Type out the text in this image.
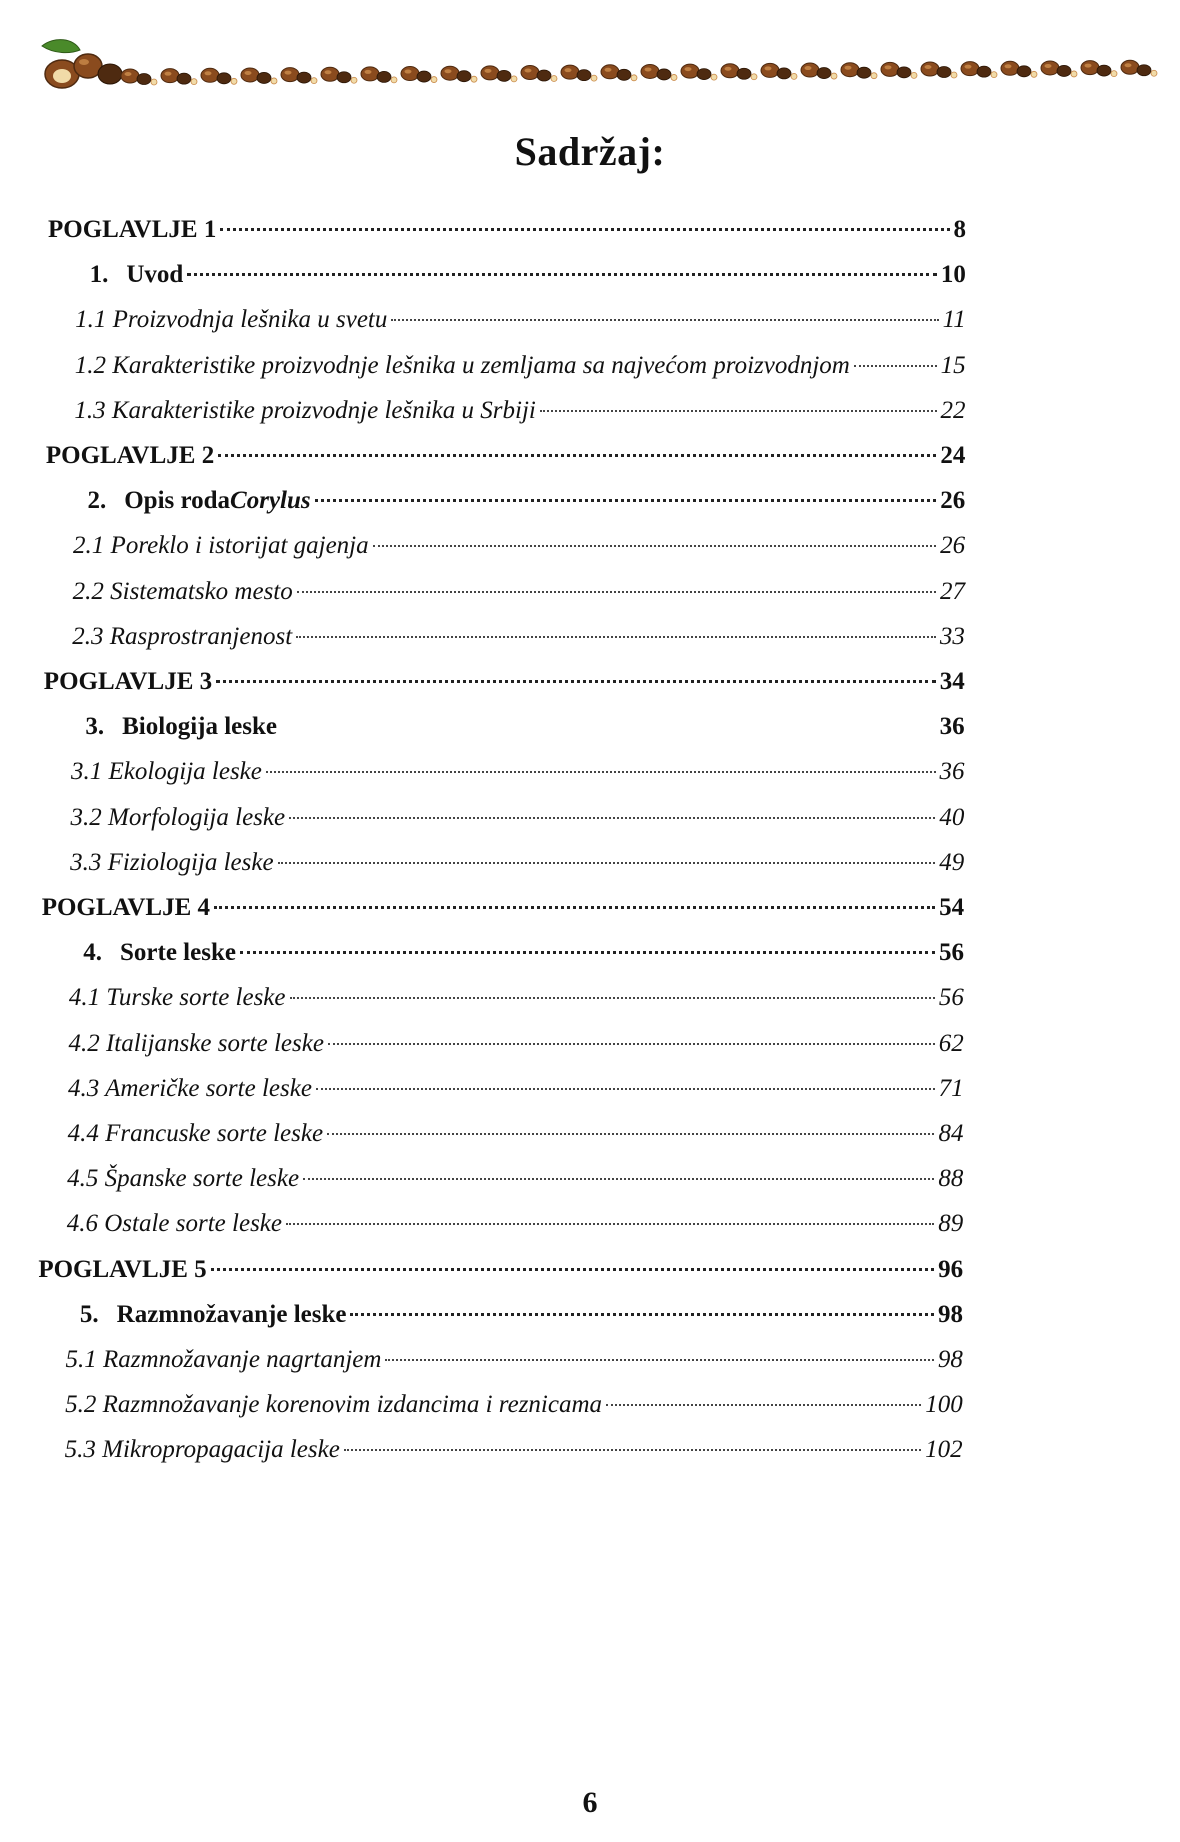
Sadržaj:
POGLAVLJE 1	8
1. Uvod	10
1.1 Proizvodnja lešnika u svetu	11
1.2 Karakteristike proizvodnje lešnika u zemljama sa najvećom proizvodnjom	15
1.3 Karakteristike proizvodnje lešnika u Srbiji	22
POGLAVLJE 2	24
2. Opis roda Corylus	26
2.1 Poreklo i istorijat gajenja	26
2.2 Sistematsko mesto	27
2.3 Rasprostranjenost	33
POGLAVLJE 3	34
3. Biologija leske	36
3.1 Ekologija leske	36
3.2 Morfologija leske	40
3.3 Fiziologija leske	49
POGLAVLJE 4	54
4. Sorte leske	56
4.1 Turske sorte leske	56
4.2 Italijanske sorte leske	62
4.3 Američke sorte leske	71
4.4 Francuske sorte leske	84
4.5 Španske sorte leske	88
4.6 Ostale sorte leske	89
POGLAVLJE 5	96
5. Razmnožavanje leske	98
5.1 Razmnožavanje nagrtanjem	98
5.2 Razmnožavanje korenovim izdancima i reznicama	100
5.3 Mikropropagacija leske	102
6
